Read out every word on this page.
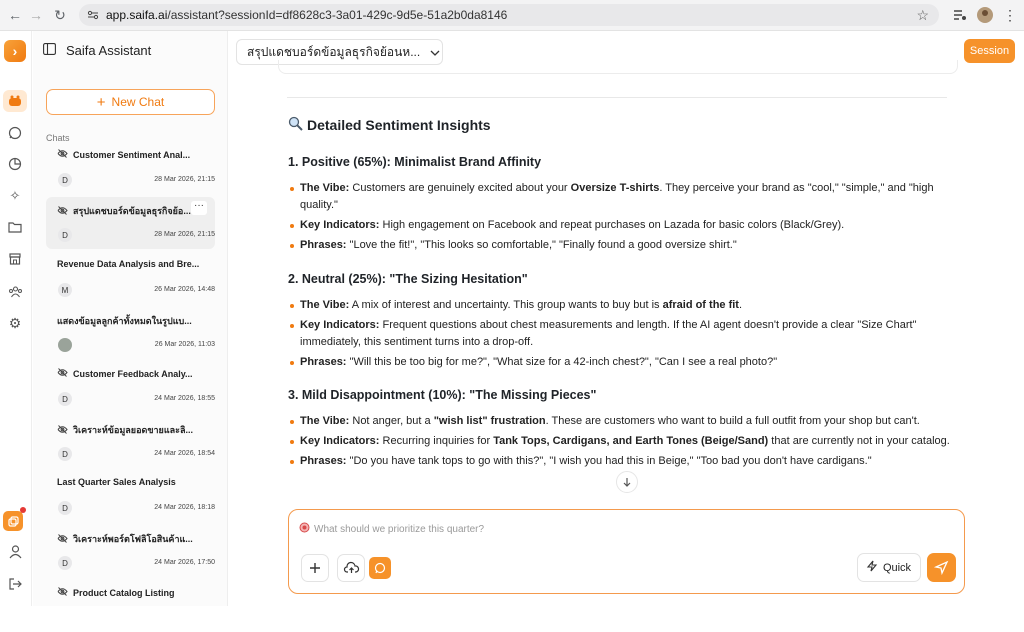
← → ↻	app.saifa.ai/assistant?sessionId=df8628c3-3a01-429c-9d5e-51a2b0da8146	☆	⋮
›
✧
⚙
Saifa Assistant
+ New Chat
Chats
Customer Sentiment Anal...
D	28 Mar 2026, 21:15
สรุปแดชบอร์ดข้อมูลธุรกิจย้อ... ···
D	28 Mar 2026, 21:15
Revenue Data Analysis and Bre...
M	26 Mar 2026, 14:48
แสดงข้อมูลลูกค้าทั้งหมดในรูปแบ...
26 Mar 2026, 11:03
Customer Feedback Analy...
D	24 Mar 2026, 18:55
วิเคราะห์ข้อมูลยอดขายและลิ...
D	24 Mar 2026, 18:54
Last Quarter Sales Analysis
D	24 Mar 2026, 18:18
วิเคราะห์พอร์ตโฟลิโอสินค้าแ...
D	24 Mar 2026, 17:50
Product Catalog Listing
สรุปแดชบอร์ดข้อมูลธุรกิจย้อนห...	Session
Detailed Sentiment Insights
1. Positive (65%): Minimalist Brand Affinity
The Vibe: Customers are genuinely excited about your Oversize T-shirts. They perceive your brand as "cool," "simple," and "high quality."
Key Indicators: High engagement on Facebook and repeat purchases on Lazada for basic colors (Black/Grey).
Phrases: "Love the fit!", "This looks so comfortable," "Finally found a good oversize shirt."
2. Neutral (25%): "The Sizing Hesitation"
The Vibe: A mix of interest and uncertainty. This group wants to buy but is afraid of the fit.
Key Indicators: Frequent questions about chest measurements and length. If the AI agent doesn't provide a clear "Size Chart" immediately, this sentiment turns into a drop-off.
Phrases: "Will this be too big for me?", "What size for a 42-inch chest?", "Can I see a real photo?"
3. Mild Disappointment (10%): "The Missing Pieces"
The Vibe: Not anger, but a "wish list" frustration. These are customers who want to build a full outfit from your shop but can't.
Key Indicators: Recurring inquiries for Tank Tops, Cardigans, and Earth Tones (Beige/Sand) that are currently not in your catalog.
Phrases: "Do you have tank tops to go with this?", "I wish you had this in Beige," "Too bad you don't have cardigans."
What should we prioritize this quarter?
Quick
